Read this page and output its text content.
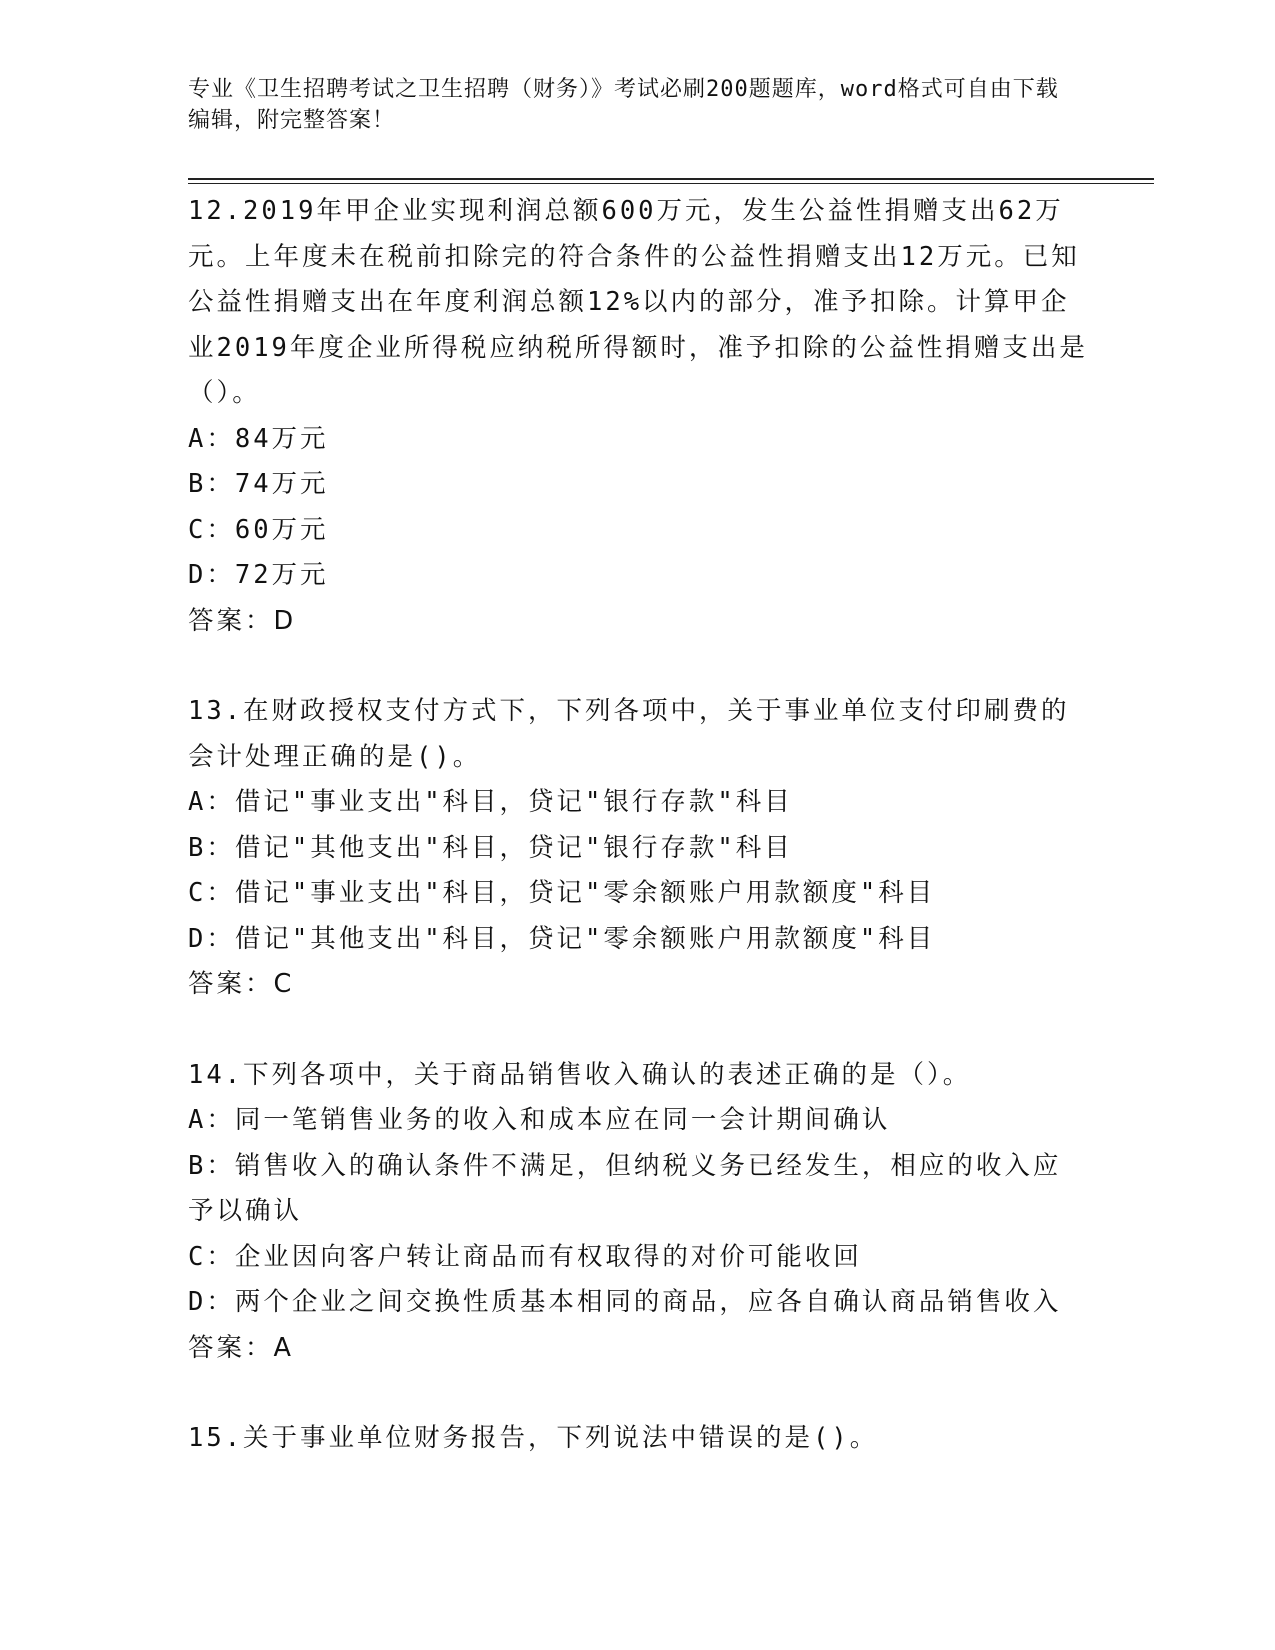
专业《卫生招聘考试之卫生招聘（财务）》考试必刷200题题库，word格式可自由下载编辑，附完整答案！

12.2019年甲企业实现利润总额600万元，发生公益性捐赠支出62万元。上年度未在税前扣除完的符合条件的公益性捐赠支出12万元。已知公益性捐赠支出在年度利润总额12%以内的部分，准予扣除。计算甲企业2019年度企业所得税应纳税所得额时，准予扣除的公益性捐赠支出是（）。

A：84万元

B：74万元

C：60万元

D：72万元

答案：D

13.在财政授权支付方式下，下列各项中，关于事业单位支付印刷费的会计处理正确的是()。

A：借记"事业支出"科目，贷记"银行存款"科目

B：借记"其他支出"科目，贷记"银行存款"科目

C：借记"事业支出"科目，贷记"零余额账户用款额度"科目

D：借记"其他支出"科目，贷记"零余额账户用款额度"科目

答案：C

14.下列各项中，关于商品销售收入确认的表述正确的是（）。

A：同一笔销售业务的收入和成本应在同一会计期间确认

B：销售收入的确认条件不满足，但纳税义务已经发生，相应的收入应予以确认

C：企业因向客户转让商品而有权取得的对价可能收回

D：两个企业之间交换性质基本相同的商品，应各自确认商品销售收入

答案：A

15.关于事业单位财务报告，下列说法中错误的是()。
